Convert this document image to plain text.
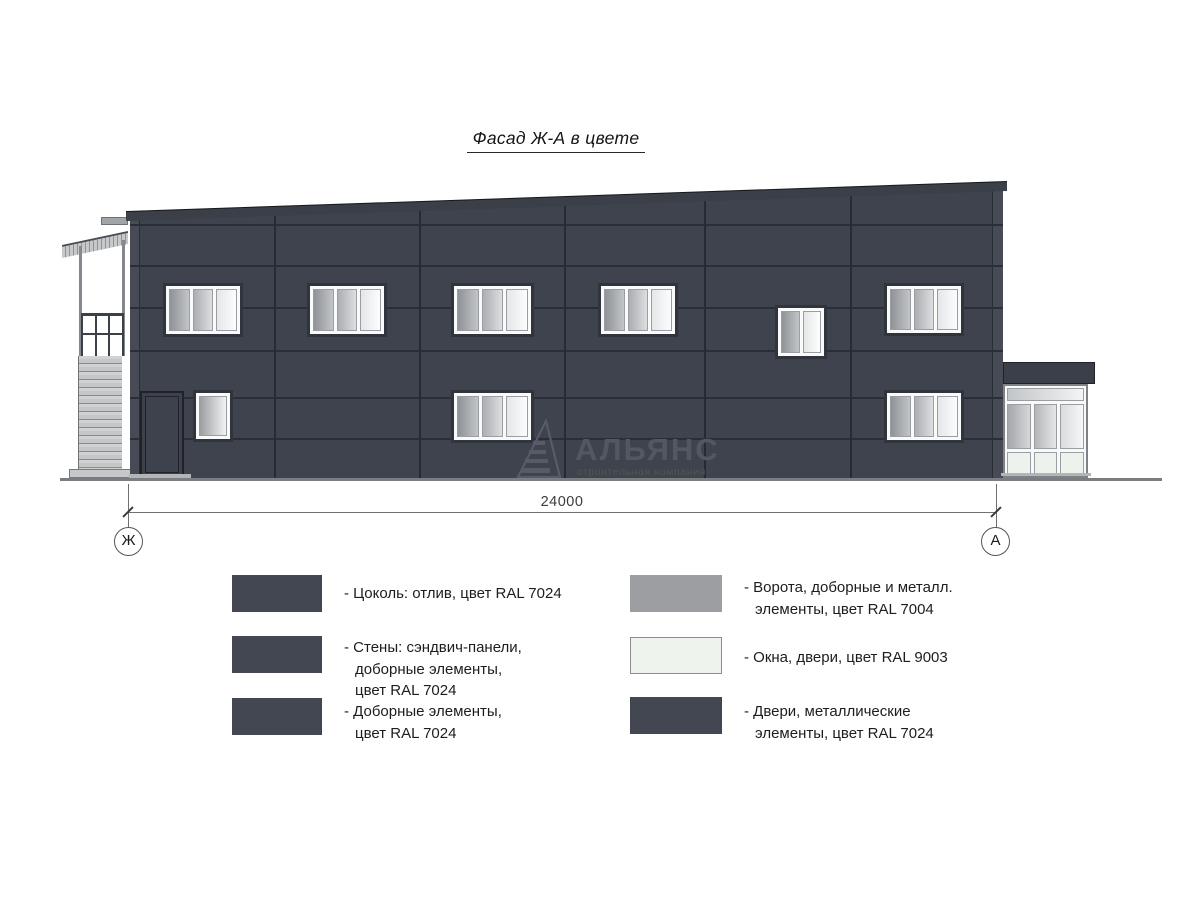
Фасад Ж-А в цвете
АЛЬЯНС
строительная компания
24000
Ж	А
- Цоколь: отлив, цвет RAL 7024
- Стены: сэндвич-панели,
доборные элементы,
цвет RAL 7024
- Доборные элементы,
цвет RAL 7024
- Ворота, доборные и металл.
элементы, цвет RAL 7004
- Окна, двери, цвет RAL 9003
- Двери, металлические
элементы, цвет RAL 7024
